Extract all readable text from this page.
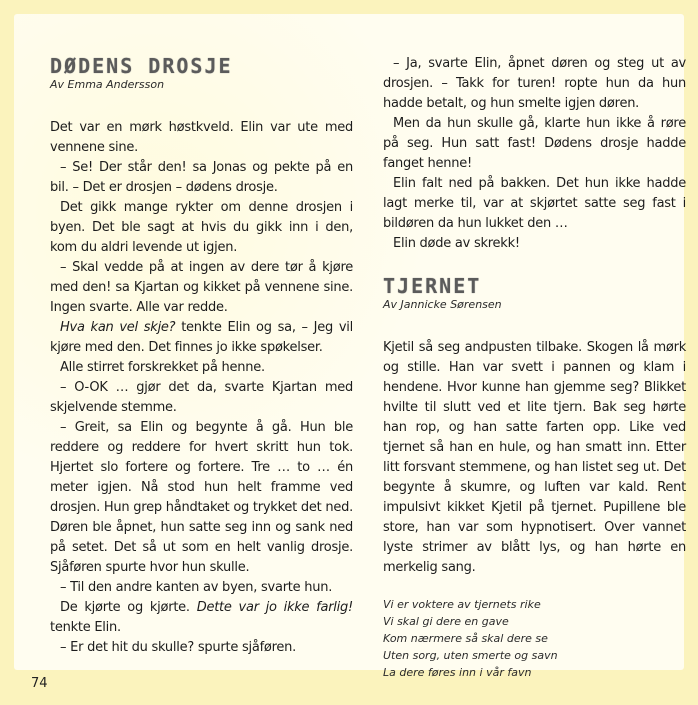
DØDENS DROSJE
Av Emma Andersson

Det var en mørk høstkveld. Elin var ute med vennene sine.

– Se! Der står den! sa Jonas og pekte på en bil. – Det er drosjen – dødens drosje.

Det gikk mange rykter om denne drosjen i byen. Det ble sagt at hvis du gikk inn i den, kom du aldri levende ut igjen.

– Skal vedde på at ingen av dere tør å kjøre med den! sa Kjartan og kikket på vennene sine. Ingen svarte. Alle var redde.

Hva kan vel skje? tenkte Elin og sa, – Jeg vil kjøre med den. Det finnes jo ikke spøkelser.

Alle stirret forskrekket på henne.

– O-OK … gjør det da, svarte Kjartan med skjelvende stemme.

– Greit, sa Elin og begynte å gå. Hun ble reddere og reddere for hvert skritt hun tok. Hjertet slo fortere og fortere. Tre … to … én meter igjen. Nå stod hun helt framme ved drosjen. Hun grep håndtaket og trykket det ned. Døren ble åpnet, hun satte seg inn og sank ned på setet. Det så ut som en helt vanlig drosje. Sjåføren spurte hvor hun skulle.

– Til den andre kanten av byen, svarte hun.

De kjørte og kjørte. Dette var jo ikke farlig! tenkte Elin.

– Er det hit du skulle? spurte sjåføren.

– Ja, svarte Elin, åpnet døren og steg ut av drosjen. – Takk for turen! ropte hun da hun hadde betalt, og hun smelte igjen døren.

Men da hun skulle gå, klarte hun ikke å røre på seg. Hun satt fast! Dødens drosje hadde fanget henne!

Elin falt ned på bakken. Det hun ikke hadde lagt merke til, var at skjørtet satte seg fast i bildøren da hun lukket den …

Elin døde av skrekk!

TJERNET
Av Jannicke Sørensen

Kjetil så seg andpusten tilbake. Skogen lå mørk og stille. Han var svett i pannen og klam i hendene. Hvor kunne han gjemme seg? Blikket hvilte til slutt ved et lite tjern. Bak seg hørte han rop, og han satte farten opp. Like ved tjernet så han en hule, og han smatt inn. Etter litt forsvant stemmene, og han listet seg ut. Det begynte å skumre, og luften var kald. Rent impulsivt kikket Kjetil på tjernet. Pupillene ble store, han var som hypnotisert. Over vannet lyste strimer av blått lys, og han hørte en merkelig sang.

Vi er voktere av tjernets rike
Vi skal gi dere en gave
Kom nærmere så skal dere se
Uten sorg, uten smerte og savn
La dere føres inn i vår favn
74
